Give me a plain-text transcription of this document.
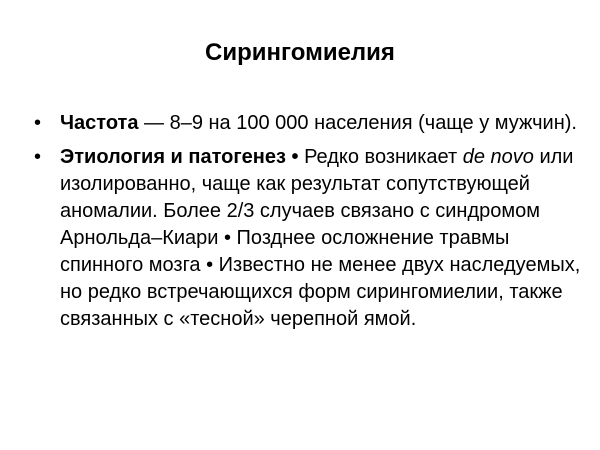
Сирингомиелия
• Частота — 8–9 на 100 000 населения (чаще у мужчин).
• Этиология и патогенез • Редко возникает de novo или изолированно, чаще как результат сопутствующей аномалии. Более 2/3 случаев связано с синдромом Арнольда–Киари • Позднее осложнение травмы спинного мозга • Известно не менее двух наследуемых, но редко встречающихся форм сирингомиелии, также связанных с «тесной» черепной ямой.
